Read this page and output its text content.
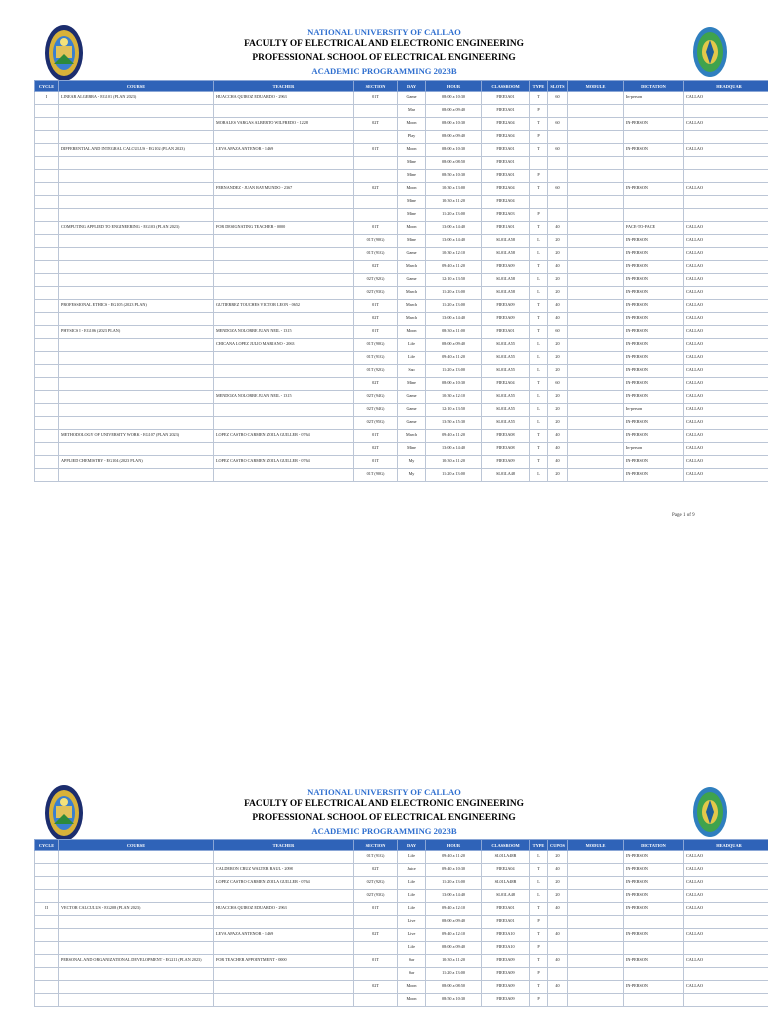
NATIONAL UNIVERSITY OF CALLAO
FACULTY OF ELECTRICAL AND ELECTRONIC ENGINEERING
PROFESSIONAL SCHOOL OF ELECTRICAL ENGINEERING
ACADEMIC PROGRAMMING 2023B
CYCLE	COURSE	TEACHER	SECTION	DAY	HOUR	CLASSROOM	TYPE	SLOTS	MODULE	DICTATION	HEADQUAR
I	LINEAR ALGEBRA - EG101 (PLAN 2023)	HUACCHA QUIROZ EDUARDO - 2963	01T	Game	08:00 a 10:30	FIEE3A01	T	60		In-person	CALLAO
				Mar	08:00 a 09:40	FIEE3A01	P				
		MORALES VARGAS ALBERTO WILFREDO - 1228	02T	Moon	08:00 a 10:30	FIEE2A04	T	60		IN-PERSON	CALLAO
				Play	08:00 a 09:40	FIEE2A04	P				
	DIFFERENTIAL AND INTEGRAL CALCULUS - EG102 (PLAN 2023)	LEVA APAZA ANTENOR - 1469	01T	Moon	08:00 a 10:30	FIEE3A01	T	60		IN-PERSON	CALLAO
				Mine	08:00 a 08:50	FIEE3A01					
				Mine	08:50 a 10:30	FIEE3A01	P				
		FERNANDEZ - JUAN RAYMUNDO - 2367	02T	Moon	10:30 a 13:00	FIEE2A04	T	60		IN-PERSON	CALLAO
				Mine	10:30 a 11:20	FIEE2A04					
				Mine	11:20 a 13:00	FIEE2A03	P				
	COMPUTING APPLIED TO ENGINEERING - EG103 (PLAN 2023)	FOR DESIGNATING TEACHER - 0000	01T	Moon	13:00 a 14:40	FIEE1A01	T	40		FACE-TO-FACE	CALLAO
			01T (90G)	Mine	13:00 a 14:40	SL01LA58	L	20		IN-PERSON	CALLAO
			01T (91G)	Game	10:30 a 12:10	SL01LA58	L	20		IN-PERSON	CALLAO
			02T	March	09:40 a 11:20	FIEE3A09	T	40		IN-PERSON	CALLAO
			02T (92G)	Game	12:10 a 13:50	SL01LA58	L	20		IN-PERSON	CALLAO
			02T (93G)	March	11:20 a 13:00	SL01LA58	L	20		IN-PERSON	CALLAO
	PROFESSIONAL ETHICS - EG105 (2023 PLAN)	GUTIERREZ TOUCHES VICTOR LEON - 0652	01T	March	11:20 a 13:00	FIEE3A09	T	40		IN-PERSON	CALLAO
			02T	March	13:00 a 14:40	FIEE3A09	T	40		IN-PERSON	CALLAO
	PHYSICS I - EG106 (2023 PLAN)	MENDOZA NOLORBE JUAN NEIL - 1315	01T	Moon	08:30 a 11:00	FIEE3A01	T	60		IN-PERSON	CALLAO
		CHICANA LOPEZ JULIO MARIANO - 2063	01T (90G)	Life	08:00 a 09:40	SL01LA55	L	20		IN-PERSON	CALLAO
			01T (91G)	Life	09:40 a 11:20	SL01LA55	L	20		IN-PERSON	CALLAO
			01T (92G)	Sao	11:20 a 13:00	SL01LA55	L	20		IN-PERSON	CALLAO
			02T	Mine	08:00 a 10:30	FIEE2A04	T	60		IN-PERSON	CALLAO
		MENDOZA NOLORBE JUAN NEIL - 1315	02T (94G)	Game	10:30 a 12:10	SL01LA55	L	20		IN-PERSON	CALLAO
			02T (94G)	Game	12:10 a 13:50	SL01LA55	L	20		In-person	CALLAO
			02T (95G)	Game	13:50 a 15:30	SL01LA55	L	20		IN-PERSON	CALLAO
	METHODOLOGY OF UNIVERSITY WORK - EG107 (PLAN 2023)	LOPEZ CASTRO CARMEN ZOILA GUILLER - 0764	01T	March	09:40 a 11:20	FIEE3A08	T	40		IN-PERSON	CALLAO
			02T	Mine	13:00 a 14:40	FIEE3A08	T	40		In-person	CALLAO
	APPLIED CHEMISTRY - EG104 (2023 PLAN)	LOPEZ CASTRO CARMEN ZOILA GUILLER - 0764	01T	My	10:30 a 11:20	FIEE3A09	T	40		IN-PERSON	CALLAO
			01T (90G)	My	11:20 a 13:00	SL01LA48	L	20		IN-PERSON	CALLAO
Page 1 of 9
NATIONAL UNIVERSITY OF CALLAO
FACULTY OF ELECTRICAL AND ELECTRONIC ENGINEERING
PROFESSIONAL SCHOOL OF ELECTRICAL ENGINEERING
ACADEMIC PROGRAMMING 2023B
CYCLE	COURSE	TEACHER	SECTION	DAY	HOUR	CLASSROOM	TYPE	CUPOS	MODULE	DICTATION	HEADQUAR
			01T (91G)	Life	09:40 a 11:20	SL01LA48B	L	20		IN-PERSON	CALLAO
		CALDERON CRUZ WALTER RAUL - 2098	02T	Juice	09:40 a 10:30	FIEE2A04	T	40		IN-PERSON	CALLAO
		LOPEZ CASTRO CARMEN ZOILA GUILLER - 0764	02T (92G)	Life	11:20 a 13:00	SL01LA48B	L	20		IN-PERSON	CALLAO
			02T (93G)	Life	13:00 a 14:40	SL01LA48	L	20		IN-PERSON	CALLAO
II	VECTOR CALCULUS - EG208 (PLAN 2023)	HUACCHA QUIROZ EDUARDO - 2963	01T	Life	09:40 a 12:10	FIEE3A01	T	40		IN-PERSON	CALLAO
				Live	08:00 a 09:40	FIEE3A01	P				
		LEVA APAZA ANTENOR - 1469	02T	Live	09:40 a 12:10	FIEE3A10	T	40		IN-PERSON	CALLAO
				Life	08:00 a 09:40	FIEE3A10	P				
	PERSONAL AND ORGANIZATIONAL DEVELOPMENT - EG211 (PLAN 2023)	FOR TEACHER APPOINTMENT - 0000	01T	Sar	10:30 a 11:20	FIEE3A09	T	40		IN-PERSON	CALLAO
				Sar	11:20 a 13:00	FIEE3A09	P				
			02T	Moon	08:00 a 08:50	FIEE3A09	T	40		IN-PERSON	CALLAO
				Moon	08:50 a 10:30	FIEE3A09	P				
